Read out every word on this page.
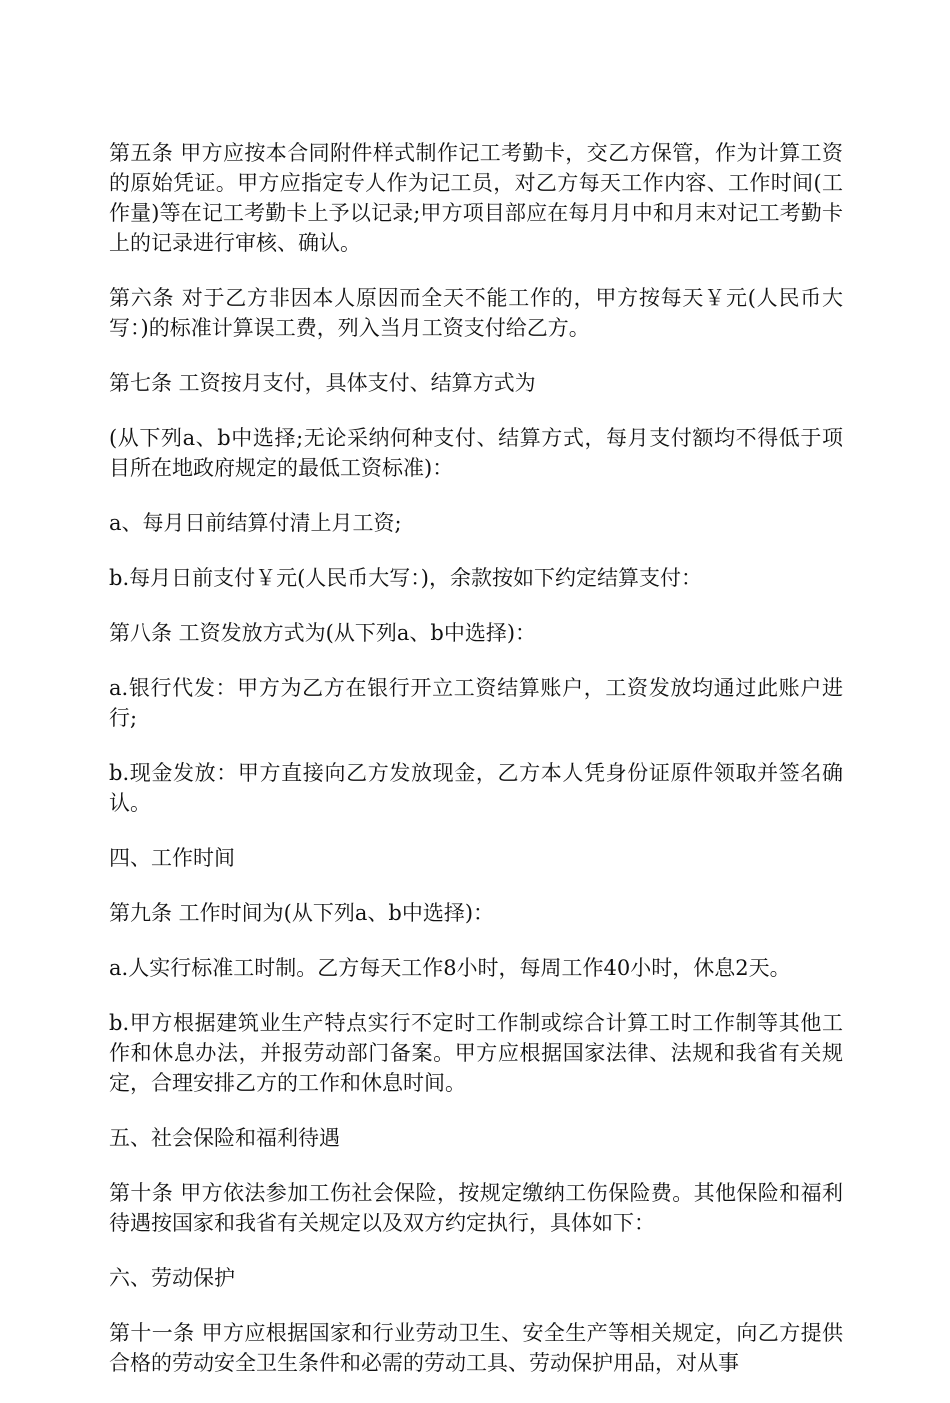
第五条 甲方应按本合同附件样式制作记工考勤卡，交乙方保管，作为计算工资的原始凭证。甲方应指定专人作为记工员，对乙方每天工作内容、工作时间(工作量)等在记工考勤卡上予以记录;甲方项目部应在每月月中和月末对记工考勤卡上的记录进行审核、确认。

第六条 对于乙方非因本人原因而全天不能工作的，甲方按每天￥元(人民币大写：)的标准计算误工费，列入当月工资支付给乙方。

第七条 工资按月支付，具体支付、结算方式为

(从下列a、b中选择;无论采纳何种支付、结算方式，每月支付额均不得低于项目所在地政府规定的最低工资标准)：

a、每月日前结算付清上月工资;

b.每月日前支付￥元(人民币大写：)，余款按如下约定结算支付：

第八条 工资发放方式为(从下列a、b中选择)：

a.银行代发：甲方为乙方在银行开立工资结算账户，工资发放均通过此账户进行;

b.现金发放：甲方直接向乙方发放现金，乙方本人凭身份证原件领取并签名确认。

四、工作时间

第九条 工作时间为(从下列a、b中选择)：

a.人实行标准工时制。乙方每天工作8小时，每周工作40小时，休息2天。

b.甲方根据建筑业生产特点实行不定时工作制或综合计算工时工作制等其他工作和休息办法，并报劳动部门备案。甲方应根据国家法律、法规和我省有关规定，合理安排乙方的工作和休息时间。

五、社会保险和福利待遇

第十条 甲方依法参加工伤社会保险，按规定缴纳工伤保险费。其他保险和福利待遇按国家和我省有关规定以及双方约定执行，具体如下：

六、劳动保护

第十一条 甲方应根据国家和行业劳动卫生、安全生产等相关规定，向乙方提供合格的劳动安全卫生条件和必需的劳动工具、劳动保护用品，对从事
